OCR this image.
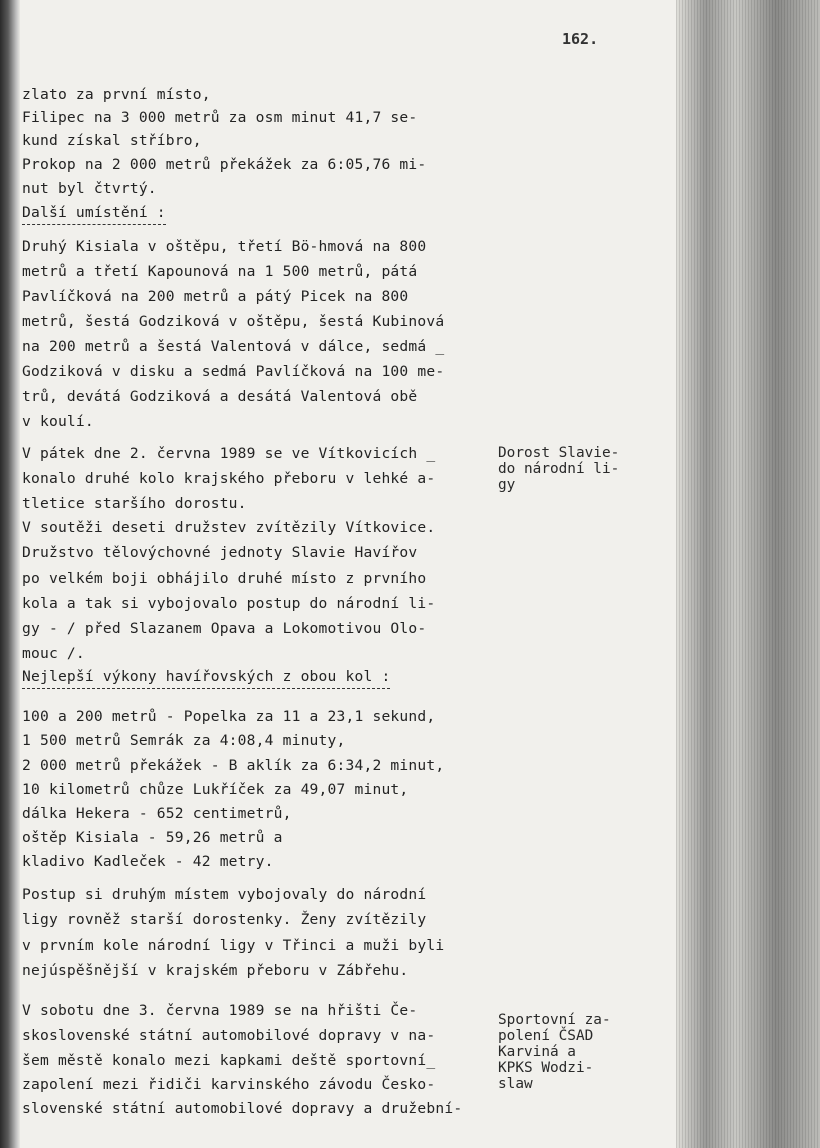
162.
zlato za první místo,
Filipec na 3 000 metrů za osm minut 41,7 se-
kund získal stříbro,
Prokop na 2 000 metrů překážek za 6:05,76 mi-
nut byl čtvrtý.
Další umístění :
Druhý Kisiala v oštěpu, třetí Bö-hmová na 800
metrů a třetí Kapounová na 1 500 metrů, pátá
Pavlíčková na 200 metrů a pátý Picek na 800
metrů, šestá Godziková v oštěpu, šestá Kubinová
na 200 metrů a šestá Valentová v dálce, sedmá _
Godziková v disku a sedmá Pavlíčková na 100 me-
trů, devátá Godziková a desátá Valentová obě
v koulí.
V pátek dne 2. června 1989 se ve Vítkovicích _
konalo druhé kolo krajského přeboru v lehké a-
tletice staršího dorostu.
V soutěži deseti družstev zvítězily Vítkovice.
Družstvo tělovýchovné jednoty Slavie Havířov
po velkém boji obhájilo druhé místo z prvního
kola a tak si vybojovalo postup do národní li-
gy - / před Slazanem Opava a Lokomotivou Olo-
mouc /.
Nejlepší výkony havířovských z obou kol :
100 a 200 metrů - Popelka za 11 a 23,1 sekund,
1 500 metrů Semrák za 4:08,4 minuty,
2 000 metrů překážek - B aklík za 6:34,2 minut,
10 kilometrů chůze Lukříček za 49,07 minut,
dálka Hekera - 652 centimetrů,
oštěp Kisiala - 59,26 metrů a
kladivo Kadleček - 42 metry.
Postup si druhým místem vybojovaly do národní
ligy rovněž starší dorostenky. Ženy zvítězily
v prvním kole národní ligy v Třinci a muži byli
nejúspěšnější v krajském přeboru v Zábřehu.
V sobotu dne 3. června 1989 se na hřišti Če-
skoslovenské státní automobilové dopravy v na-
šem městě konalo mezi kapkami deště sportovní_
zapolení mezi řidiči karvinského závodu Česko-
slovenské státní automobilové dopravy a družební-
Dorost Slavie-
do národní li-
gy
Sportovní za-
polení ČSAD
Karviná a
KPKS Wodzi-
slaw
